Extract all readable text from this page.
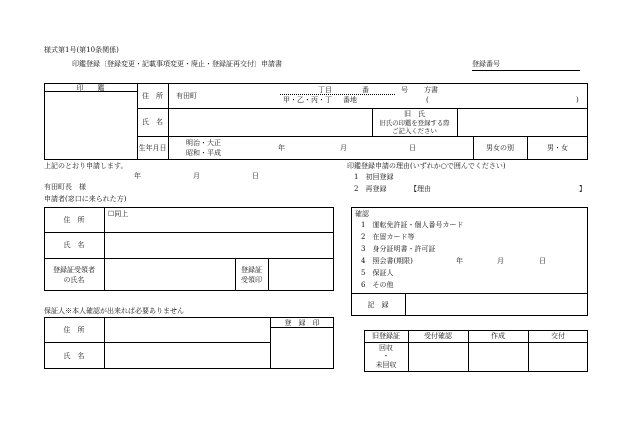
様式第1号(第10条関係)
印鑑登録〔登録変更・記載事項変更・廃止・登録証再交付〕申請書	登録番号
印　　鑑
住　所	有田町
丁目	番	号 方書
甲・乙・丙・丁 番地	(	)
氏　名
旧　氏
旧氏の印鑑を登録する際
ご記入ください
生年月日
明治・大正
昭和・平成
年	月	日	男女の別	男・女
上記のとおり申請します。
年	月	日
有田町長　様
申請者(窓口に来られた方)
印鑑登録申請の理由(いずれか○で囲んでください)
1　初回登録
2　再登録	【理由	】
住　所
☐同上
氏　名
登録証受領者
の氏名
登録証
受領印
確認
1　運転免許証・個人番号カード
2　在留カード等
3　身分証明書・許可証
4　照会書(期限)	年	月	日
5　保証人
6　その他
記　録
保証人※本人確認が出来れば必要ありません
住　所
氏　名
登　録　印
旧登録証	受付確認	作成	交付
回収
・
未回収
